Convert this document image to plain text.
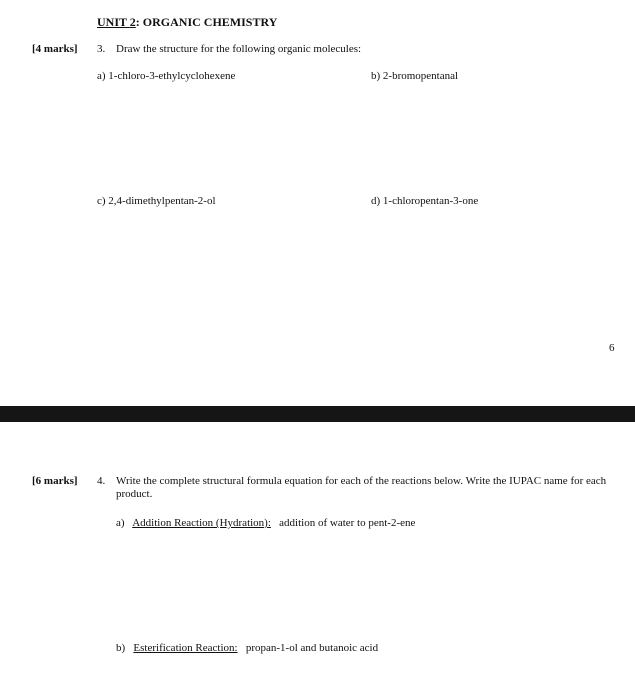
UNIT 2: ORGANIC CHEMISTRY
[4 marks] 3. Draw the structure for the following organic molecules:
a) 1-chloro-3-ethylcyclohexene	b) 2-bromopentanal
c) 2,4-dimethylpentan-2-ol	d) 1-chloropentan-3-one
6
[6 marks] 4. Write the complete structural formula equation for each of the reactions below. Write the IUPAC name for each product.
a) Addition Reaction (Hydration): addition of water to pent-2-ene
b) Esterification Reaction: propan-1-ol and butanoic acid
